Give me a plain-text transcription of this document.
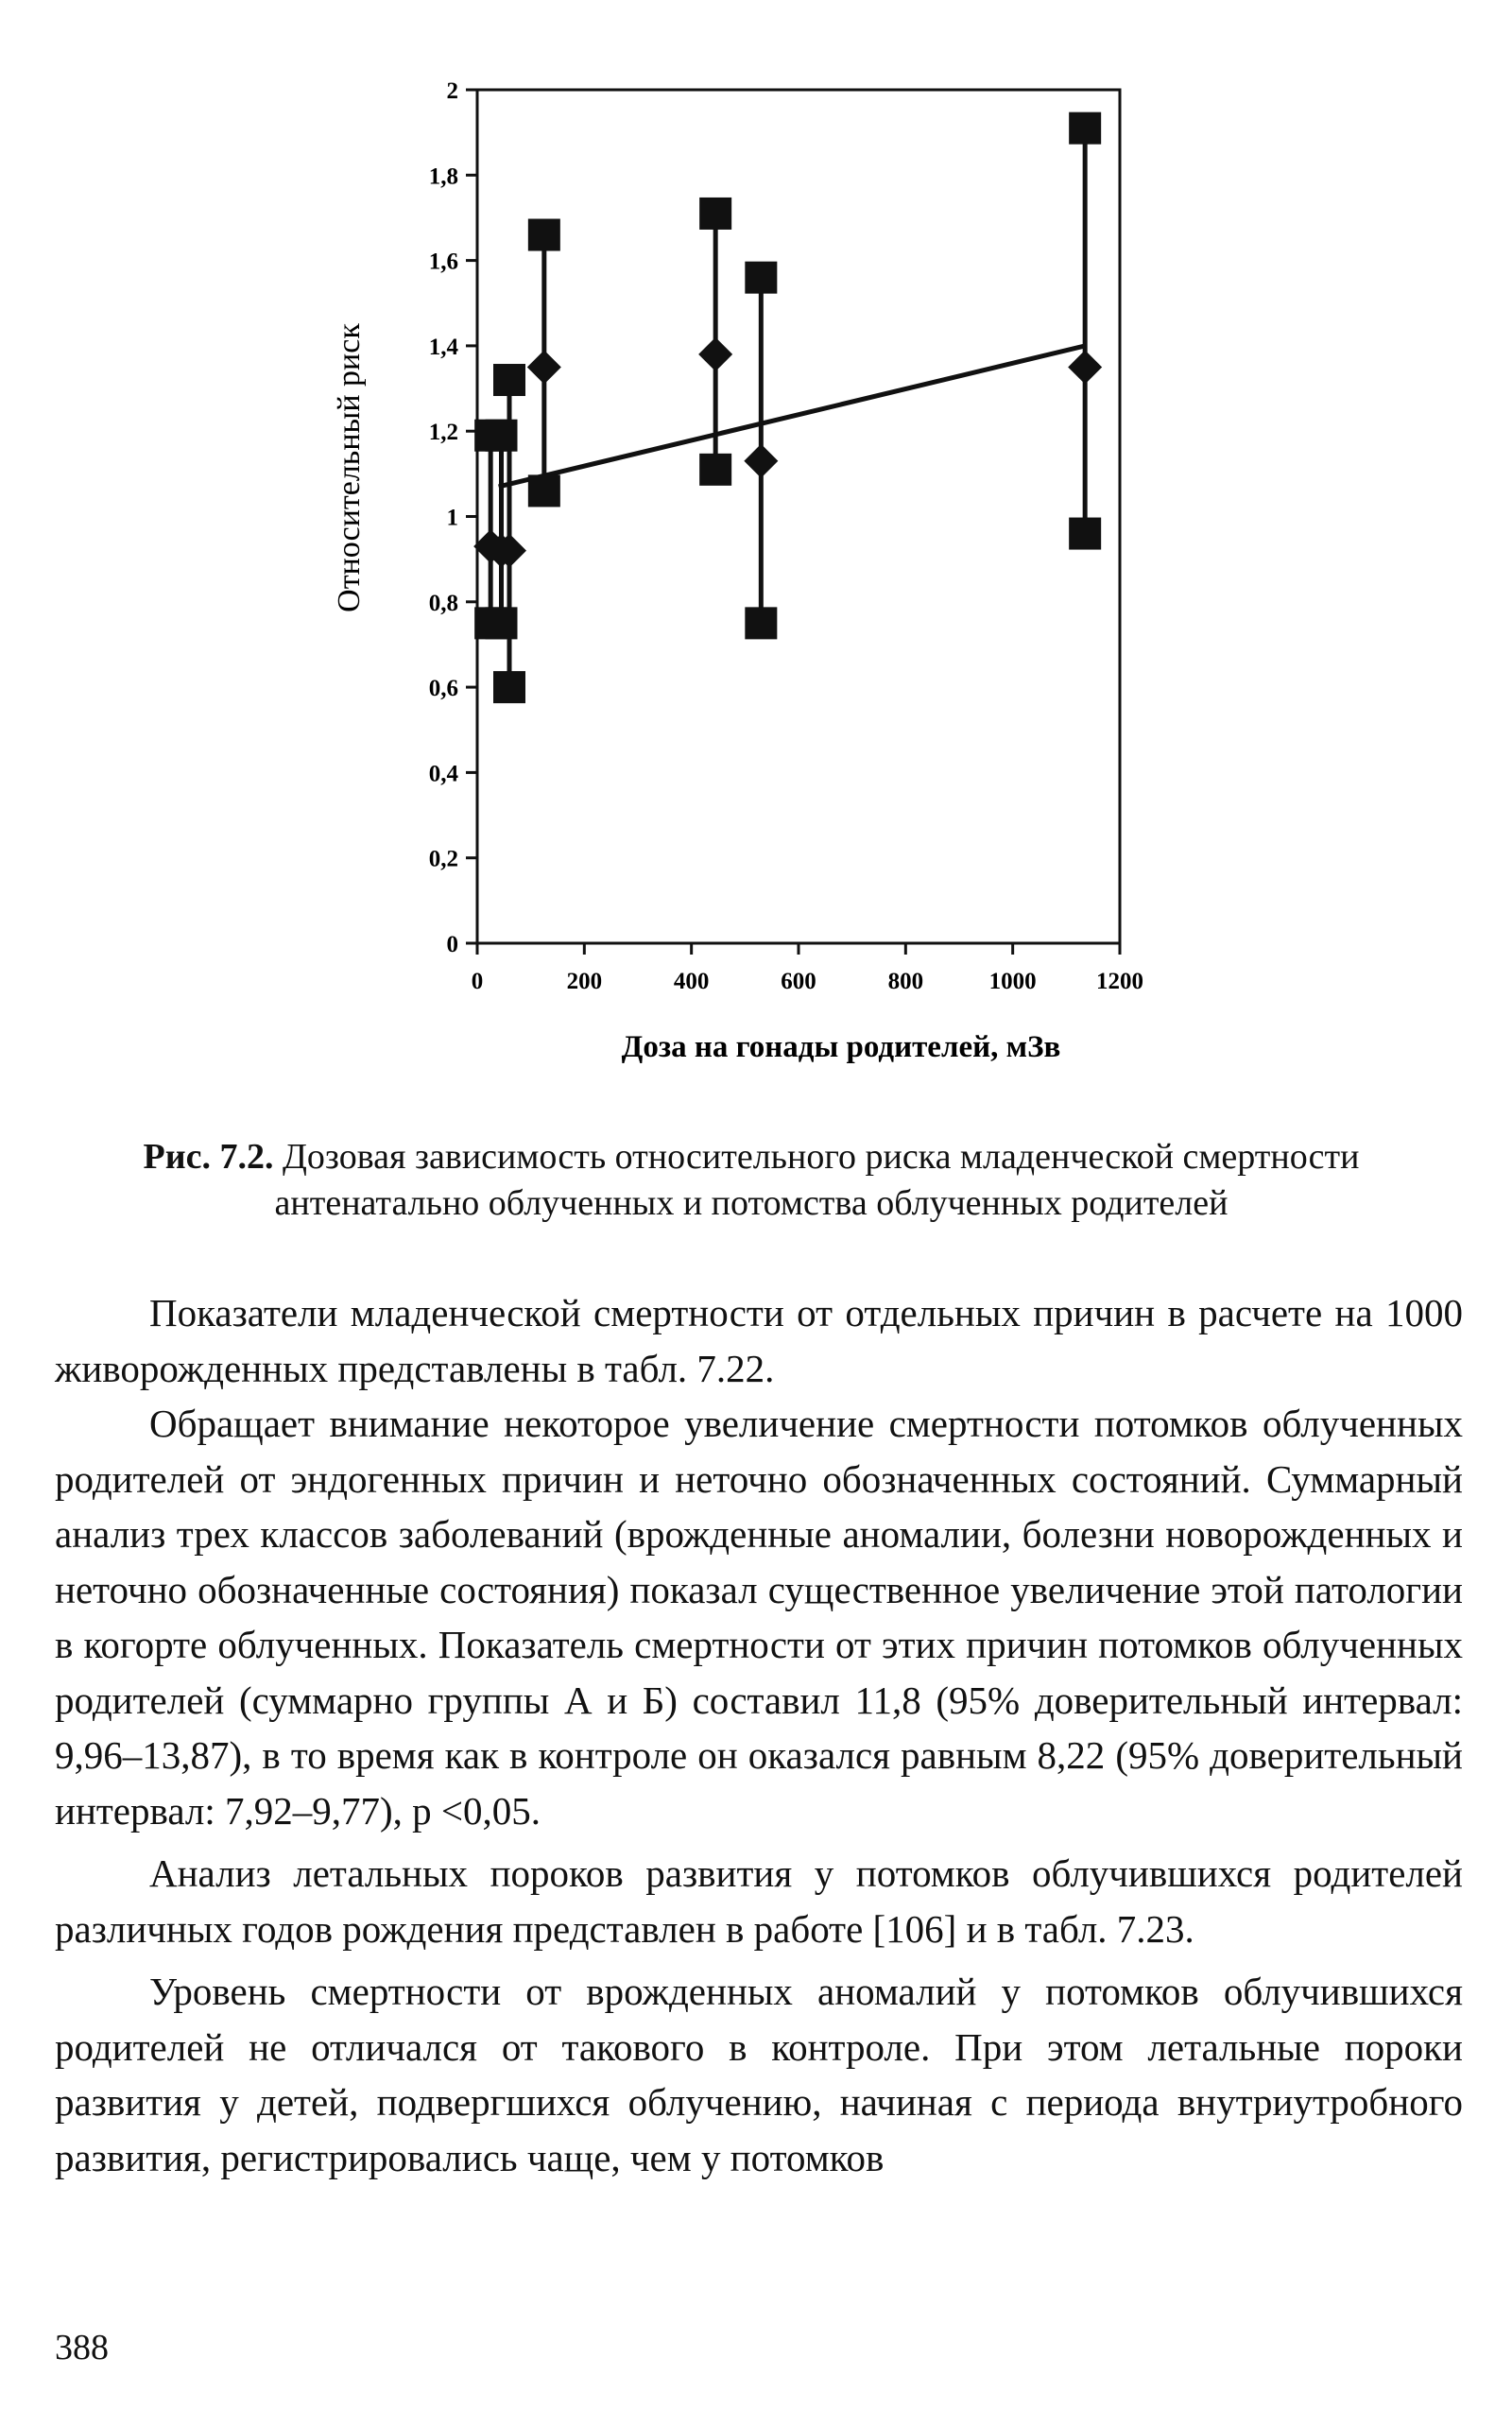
0
0,2
0,4
0,6
0,8
1
1,2
1,4
1,6
1,8
2
0	200	400	600	800	1000	1200
Доза на гонады родителей, мЗв
Относительный риск
Рис. 7.2. Дозовая зависимость относительного риска младенческой смертности антенатально облученных и потомства облученных родителей

Показатели младенческой смертности от отдельных причин в расчете на 1000 живорожденных представлены в табл. 7.22.

Обращает внимание некоторое увеличение смертности потомков облученных родителей от эндогенных причин и неточно обозначенных состояний. Суммарный анализ трех классов заболеваний (врожденные аномалии, болезни новорожденных и неточно обозначенные состояния) показал существенное увеличение этой патологии в когорте облученных. Показатель смертности от этих причин потомков облученных родителей (суммарно группы А и Б) составил 11,8 (95% доверительный интервал: 9,96–13,87), в то время как в контроле он оказался равным 8,22 (95% доверительный интервал: 7,92–9,77), р <0,05.

Анализ летальных пороков развития у потомков облучившихся родителей различных годов рождения представлен в работе [106] и в табл. 7.23.

Уровень смертности от врожденных аномалий у потомков облучившихся родителей не отличался от такового в контроле. При этом летальные пороки развития у детей, подвергшихся облучению, начиная с периода внутриутробного развития, регистрировались чаще, чем у потомков

388
